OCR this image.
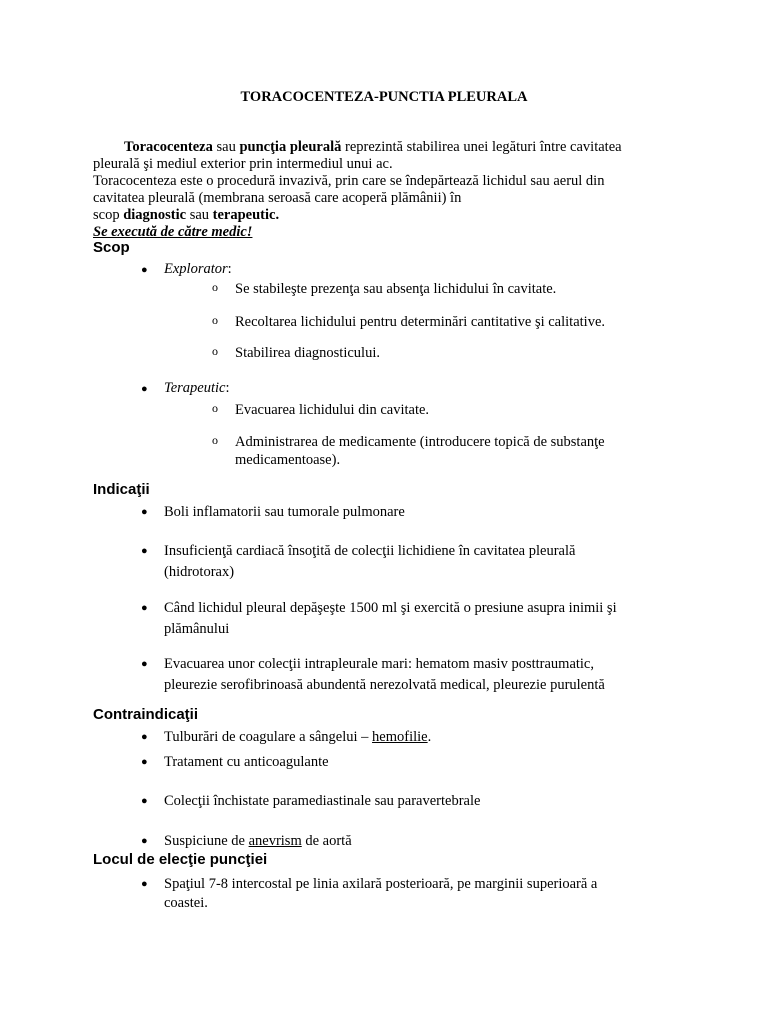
TORACOCENTEZA-PUNCTIA PLEURALA
Toracocenteza sau puncţia pleurală reprezintă stabilirea unei legături între cavitatea
pleurală şi mediul exterior prin intermediul unui ac.
Toracocenteza este o procedură invazivă, prin care se îndepărtează lichidul sau aerul din
cavitatea pleurală (membrana seroasă care acoperă plămânii) în
scop diagnostic sau terapeutic.
Se execută de către medic!
Scop
● Explorator:
o Se stabileşte prezenţa sau absenţa lichidului în cavitate.
o Recoltarea lichidului pentru determinări cantitative şi calitative.
o Stabilirea diagnosticului.
● Terapeutic:
o Evacuarea lichidului din cavitate.
o Administrarea de medicamente (introducere topică de substanţe
medicamentoase).
Indicaţii
● Boli inflamatorii sau tumorale pulmonare
● Insuficienţă cardiacă însoţită de colecţii lichidiene în cavitatea pleurală
(hidrotorax)
● Când lichidul pleural depăşeşte 1500 ml şi exercită o presiune asupra inimii şi
plămânului
● Evacuarea unor colecţii intrapleurale mari: hematom masiv posttraumatic,
pleurezie serofibrinoasă abundentă nerezolvată medical, pleurezie purulentă
Contraindicaţii
● Tulburări de coagulare a sângelui – hemofilie.
● Tratament cu anticoagulante
● Colecţii închistate paramediastinale sau paravertebrale
● Suspiciune de anevrism de aortă
Locul de elecţie puncţiei
● Spaţiul 7-8 intercostal pe linia axilară posterioară, pe marginii superioară a
coastei.
